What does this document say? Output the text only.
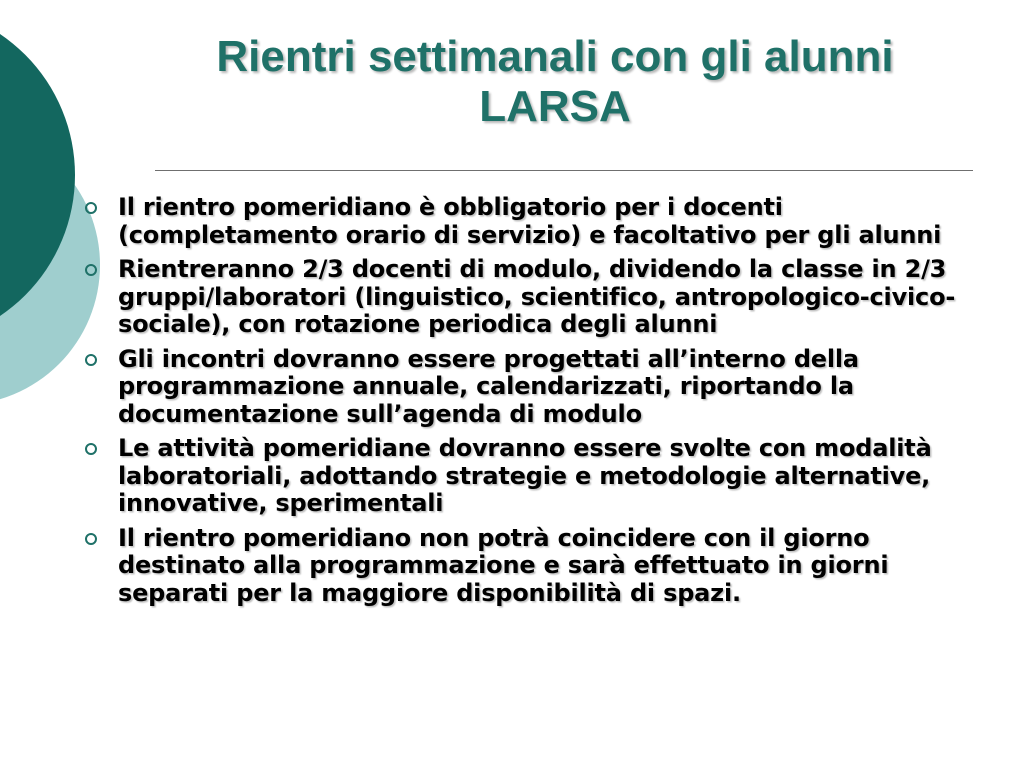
Rientri settimanali con gli alunni
LARSA
Il rientro pomeridiano è obbligatorio per i docenti (completamento orario di servizio) e facoltativo per gli alunni
Rientreranno 2/3 docenti di modulo, dividendo la classe in 2/3 gruppi/laboratori (linguistico, scientifico, antropologico-civico-sociale), con rotazione periodica degli alunni
Gli incontri dovranno essere progettati all’interno della programmazione annuale, calendarizzati, riportando la documentazione sull’agenda di modulo
Le attività pomeridiane dovranno essere svolte con modalità laboratoriali, adottando strategie e metodologie alternative, innovative, sperimentali
Il rientro pomeridiano non potrà coincidere con il giorno destinato alla programmazione e sarà effettuato in giorni separati per la maggiore disponibilità di spazi.
